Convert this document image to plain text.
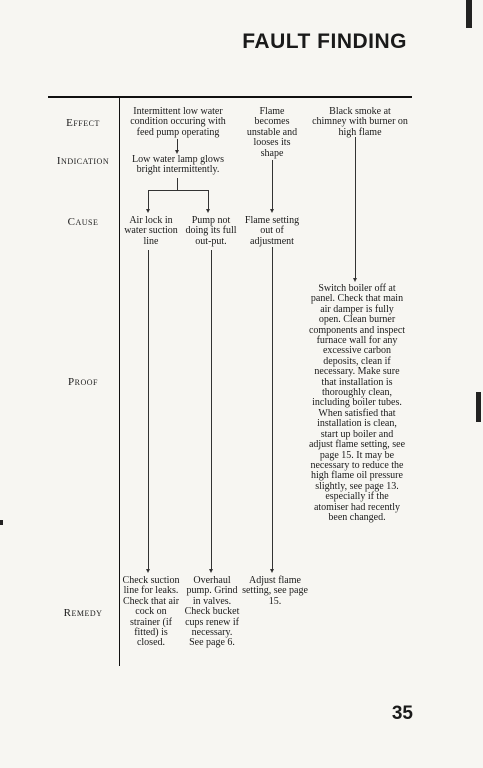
FAULT FINDING
Effect
Indication
Cause
Proof
Remedy
Intermittent low water condition occuring with feed pump operating
Flame becomes unstable and looses its shape
Black smoke at chimney with burner on high flame
Low water lamp glows bright intermittently.
Air lock in water suction line
Pump not doing its full out-put.
Flame setting out of adjustment
Switch boiler off at panel. Check that main air damper is fully open. Clean burner components and inspect furnace wall for any excessive carbon deposits, clean if necessary. Make sure that installation is thoroughly clean, including boiler tubes. When satisfied that installation is clean, start up boiler and adjust flame setting, see page 15. It may be necessary to reduce the high flame oil pressure slightly, see page 13. especially if the atomiser had recently been changed.
Check suction line for leaks. Check that air cock on strainer (if fitted) is closed.
Overhaul pump. Grind in valves. Check bucket cups renew if necessary. See page 6.
Adjust flame setting, see page 15.
35
